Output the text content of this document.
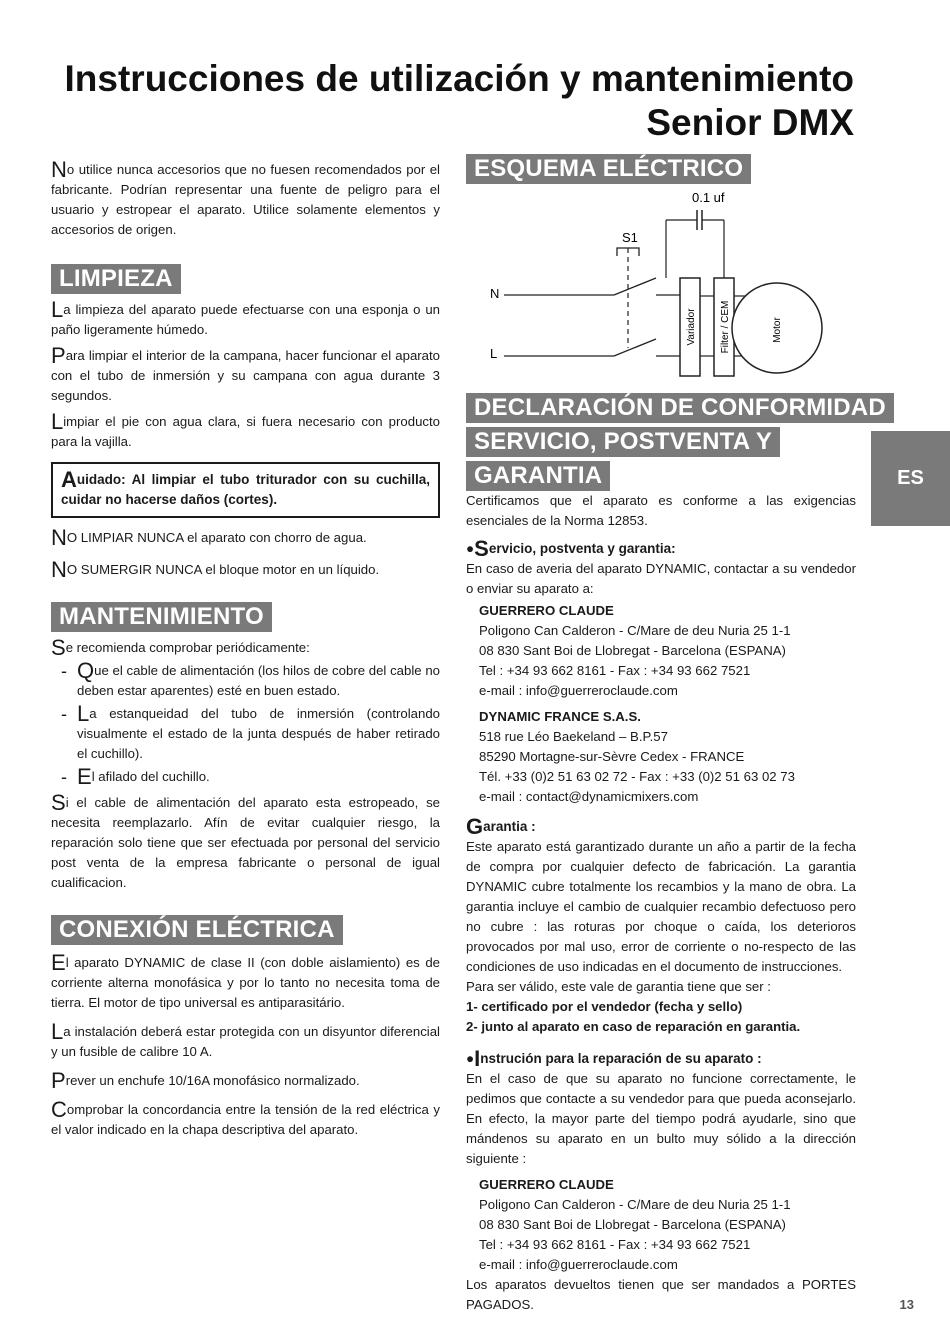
Instrucciones de utilización y mantenimiento
Senior DMX

No utilice nunca accesorios que no fuesen recomendados por el fabricante. Podrían representar una fuente de peligro para el usuario y estropear el aparato. Utilice solamente elementos y accesorios de origen.

LIMPIEZA

La limpieza del aparato puede efectuarse con una esponja o un paño ligeramente húmedo.

Para limpiar el interior de la campana, hacer funcionar el aparato con el tubo de inmersión y su campana con agua durante 3 segundos.

Limpiar el pie con agua clara, si fuera necesario con producto para la vajilla.

Auidado: Al limpiar el tubo triturador con su cuchilla, cuidar no hacerse daños (cortes).

NO LIMPIAR NUNCA el aparato con chorro de agua.

NO SUMERGIR NUNCA el bloque motor en un líquido.

MANTENIMIENTO

Se recomienda comprobar periódicamente:

- Que el cable de alimentación (los hilos de cobre del cable no deben estar aparentes) esté en buen estado.
- La estanqueidad del tubo de inmersión (controlando visualmente el estado de la junta después de haber retirado el cuchillo).
- El afilado del cuchillo.

Si el cable de alimentación del aparato esta estropeado, se necesita reemplazarlo. Afín de evitar cualquier riesgo, la reparación solo tiene que ser efectuada por personal del servicio post venta de la empresa fabricante o personal de igual cualificacion.

CONEXIÓN ELÉCTRICA

El aparato DYNAMIC de clase II (con doble aislamiento) es de corriente alterna monofásica y por lo tanto no necesita toma de tierra. El motor de tipo universal es antiparasitário.

La instalación deberá estar protegida con un disyuntor diferencial y un fusible de calibre 10 A.

Prever un enchufe 10/16A monofásico normalizado.

Comprobar la concordancia entre la tensión de la red eléctrica y el valor indicado en la chapa descriptiva del aparato.

ESQUEMA ELÉCTRICO
0.1 uf
S1
N
L
Variador Filter / CEM	Motor
DECLARACIÓN DE CONFORMIDAD
SERVICIO, POSTVENTA Y
GARANTIA

Certificamos que el aparato es conforme a las exigencias esenciales de la Norma 12853.

●Servicio, postventa y garantia:

En caso de averia del aparato DYNAMIC, contactar a su vendedor o enviar su aparato a:

GUERRERO CLAUDE
Poligono Can Calderon - C/Mare de deu Nuria 25 1-1
08 830 Sant Boi de Llobregat - Barcelona (ESPANA)
Tel : +34 93 662 8161 - Fax : +34 93 662 7521
e-mail : info@guerreroclaude.com
DYNAMIC FRANCE S.A.S.
518 rue Léo Baekeland – B.P.57
85290 Mortagne-sur-Sèvre Cedex - FRANCE
Tél. +33 (0)2 51 63 02 72 - Fax : +33 (0)2 51 63 02 73
e-mail : contact@dynamicmixers.com

Garantia :

Este aparato está garantizado durante un año a partir de la fecha de compra por cualquier defecto de fabricación. La garantia DYNAMIC cubre totalmente los recambios y la mano de obra. La garantia incluye el cambio de cualquier recambio defectuoso pero no cubre : las roturas por choque o caída, los deterioros provocados por mal uso, error de corriente o no-respecto de las condiciones de uso indicadas en el documento de instrucciones.

Para ser válido, este vale de garantia tiene que ser :

1- certificado por el vendedor (fecha y sello)

2- junto al aparato en caso de reparación en garantia.

●Instrución para la reparación de su aparato :

En el caso de que su aparato no funcione correctamente, le pedimos que contacte a su vendedor para que pueda aconsejarlo. En efecto, la mayor parte del tiempo podrá ayudarle, sino que mándenos su aparato en un bulto muy sólido a la dirección siguiente :

GUERRERO CLAUDE
Poligono Can Calderon - C/Mare de deu Nuria 25 1-1
08 830 Sant Boi de Llobregat - Barcelona (ESPANA)
Tel : +34 93 662 8161 - Fax : +34 93 662 7521
e-mail : info@guerreroclaude.com

Los aparatos devueltos tienen que ser mandados a PORTES PAGADOS.

ES
13
